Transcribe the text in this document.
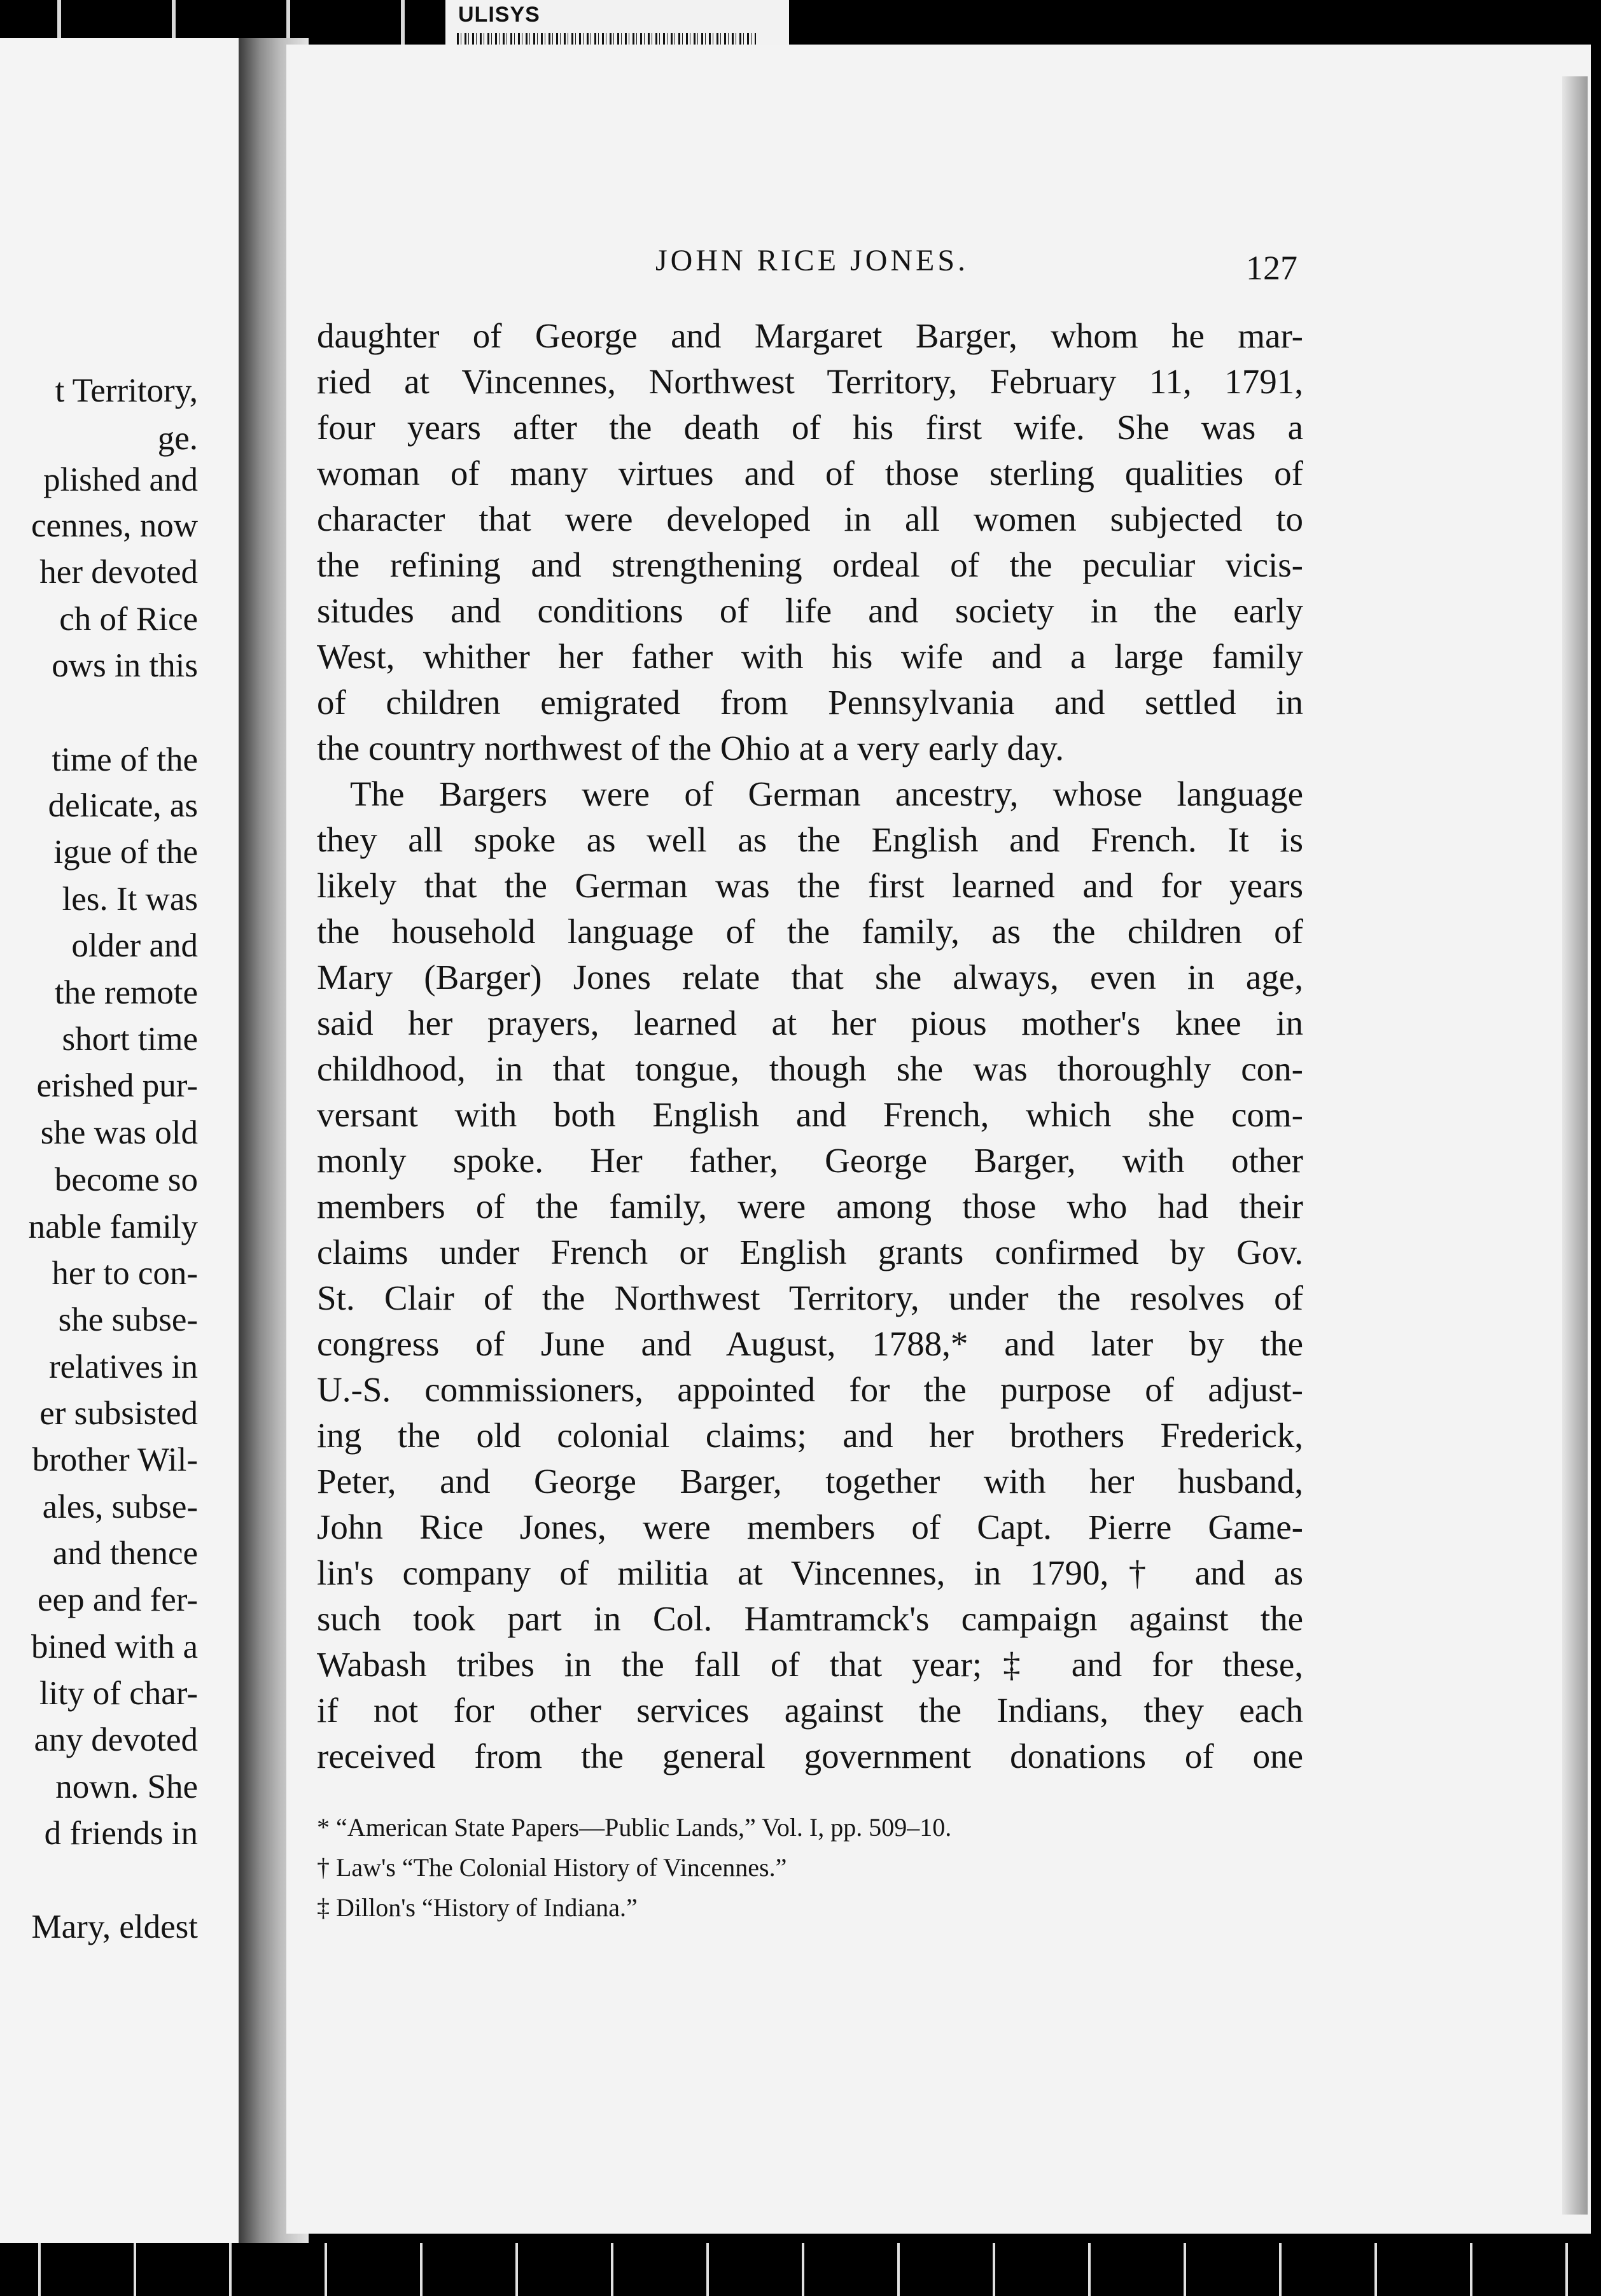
ULISYS
t Territory,
ge.
plished and
cennes, now
her devoted
ch of Rice
ows in this
time of the
delicate, as
igue of the
les. It was
older and
the remote
short time
erished pur-
she was old
become so
nable family
her to con-
she subse-
relatives in
er subsisted
brother Wil-
ales, subse-
and thence
eep and fer-
bined with a
lity of char-
any devoted
nown. She
d friends in
Mary, eldest
JOHN RICE JONES.	127
daughter of George and Margaret Barger, whom he mar-
ried at Vincennes, Northwest Territory, February 11, 1791,
four years after the death of his first wife. She was a
woman of many virtues and of those sterling qualities of
character that were developed in all women subjected to
the refining and strengthening ordeal of the peculiar vicis-
situdes and conditions of life and society in the early
West, whither her father with his wife and a large family
of children emigrated from Pennsylvania and settled in
the country northwest of the Ohio at a very early day.
The Bargers were of German ancestry, whose language
they all spoke as well as the English and French. It is
likely that the German was the first learned and for years
the household language of the family, as the children of
Mary (Barger) Jones relate that she always, even in age,
said her prayers, learned at her pious mother's knee in
childhood, in that tongue, though she was thoroughly con-
versant with both English and French, which she com-
monly spoke. Her father, George Barger, with other
members of the family, were among those who had their
claims under French or English grants confirmed by Gov.
St. Clair of the Northwest Territory, under the resolves of
congress of June and August, 1788,* and later by the
U.-S. commissioners, appointed for the purpose of adjust-
ing the old colonial claims; and her brothers Frederick,
Peter, and George Barger, together with her husband,
John Rice Jones, were members of Capt. Pierre Game-
lin's company of militia at Vincennes, in 1790,† and as
such took part in Col. Hamtramck's campaign against the
Wabash tribes in the fall of that year;‡ and for these,
if not for other services against the Indians, they each
received from the general government donations of one
* “American State Papers—Public Lands,” Vol. I, pp. 509–10.
† Law's “The Colonial History of Vincennes.”
‡ Dillon's “History of Indiana.”
